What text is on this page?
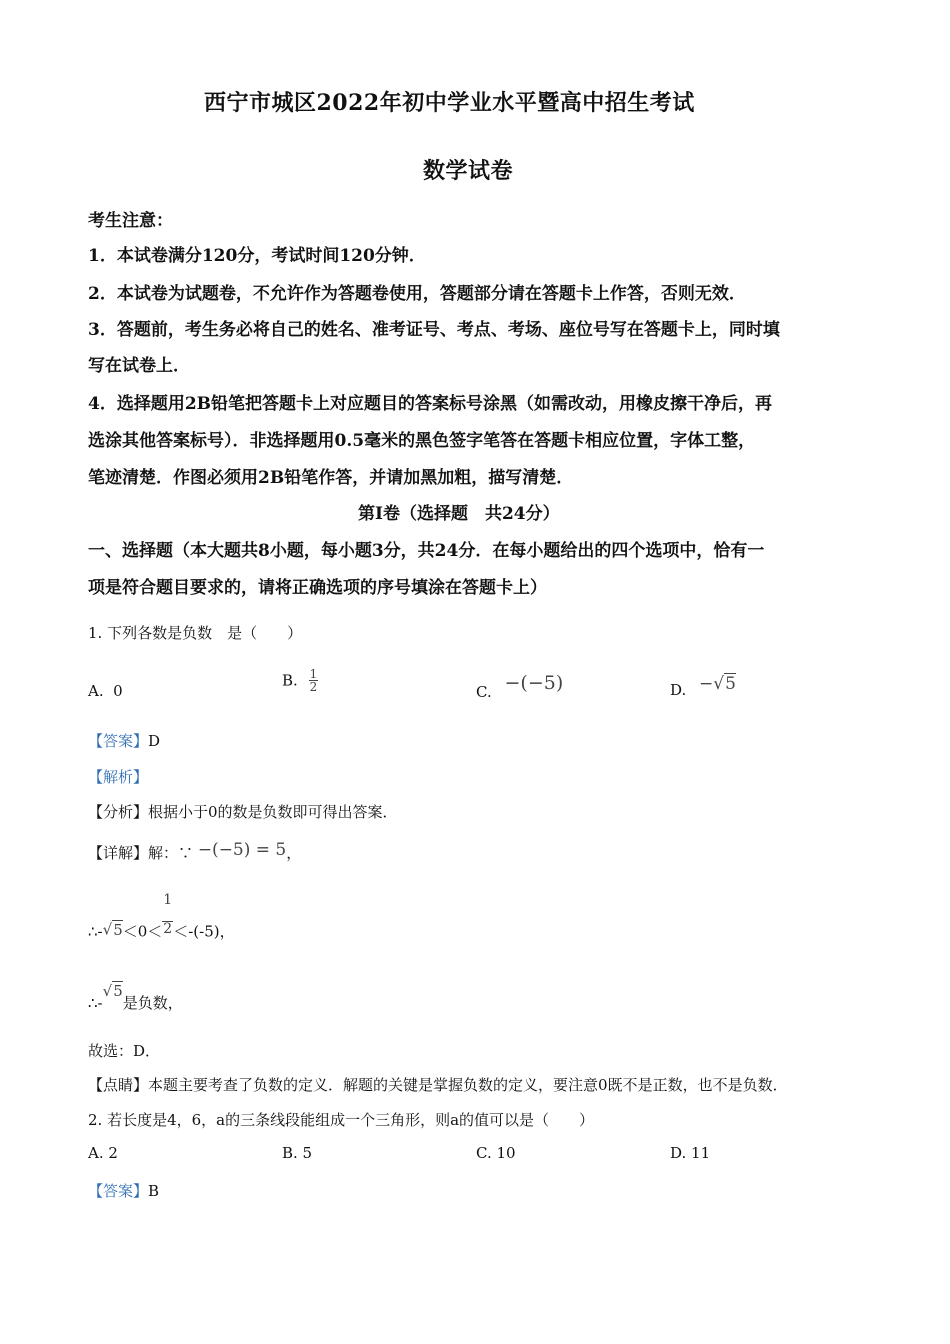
西宁市城区2022年初中学业水平暨高中招生考试
数学试卷
考生注意：
1．本试卷满分120分，考试时间120分钟．
2．本试卷为试题卷，不允许作为答题卷使用，答题部分请在答题卡上作答，否则无效．
3．答题前，考生务必将自己的姓名、准考证号、考点、考场、座位号写在答题卡上，同时填
写在试卷上．
4．选择题用2B铅笔把答题卡上对应题目的答案标号涂黑（如需改动，用橡皮擦干净后，再
选涂其他答案标号）．非选择题用0.5毫米的黑色签字笔答在答题卡相应位置，字体工整，
笔迹清楚．作图必须用2B铅笔作答，并请加黑加粗，描写清楚．
第Ⅰ卷（选择题　共24分）
一、选择题（本大题共8小题，每小题3分，共24分．在每小题给出的四个选项中，恰有一
项是符合题目要求的，请将正确选项的序号填涂在答题卡上）
1. 下列各数是负数　是（　　）
A. 0
B. $\frac{1}{2}$	C. −(−5)	D. −√5
【答案】D
【解析】
【分析】根据小于0的数是负数即可得出答案．
【详解】解：∵ −(−5) = 5，
∴-√5＜0＜ $\frac{1}{2} <-(-5)$，
∴-√5是负数，
故选：D．
【点睛】本题主要考查了负数的定义．解题的关键是掌握负数的定义，要注意0既不是正数，也不是负数．
2. 若长度是4，6，a的三条线段能组成一个三角形，则a的值可以是（　　）
A. 2	B. 5	C. 10	D. 11
【答案】B
